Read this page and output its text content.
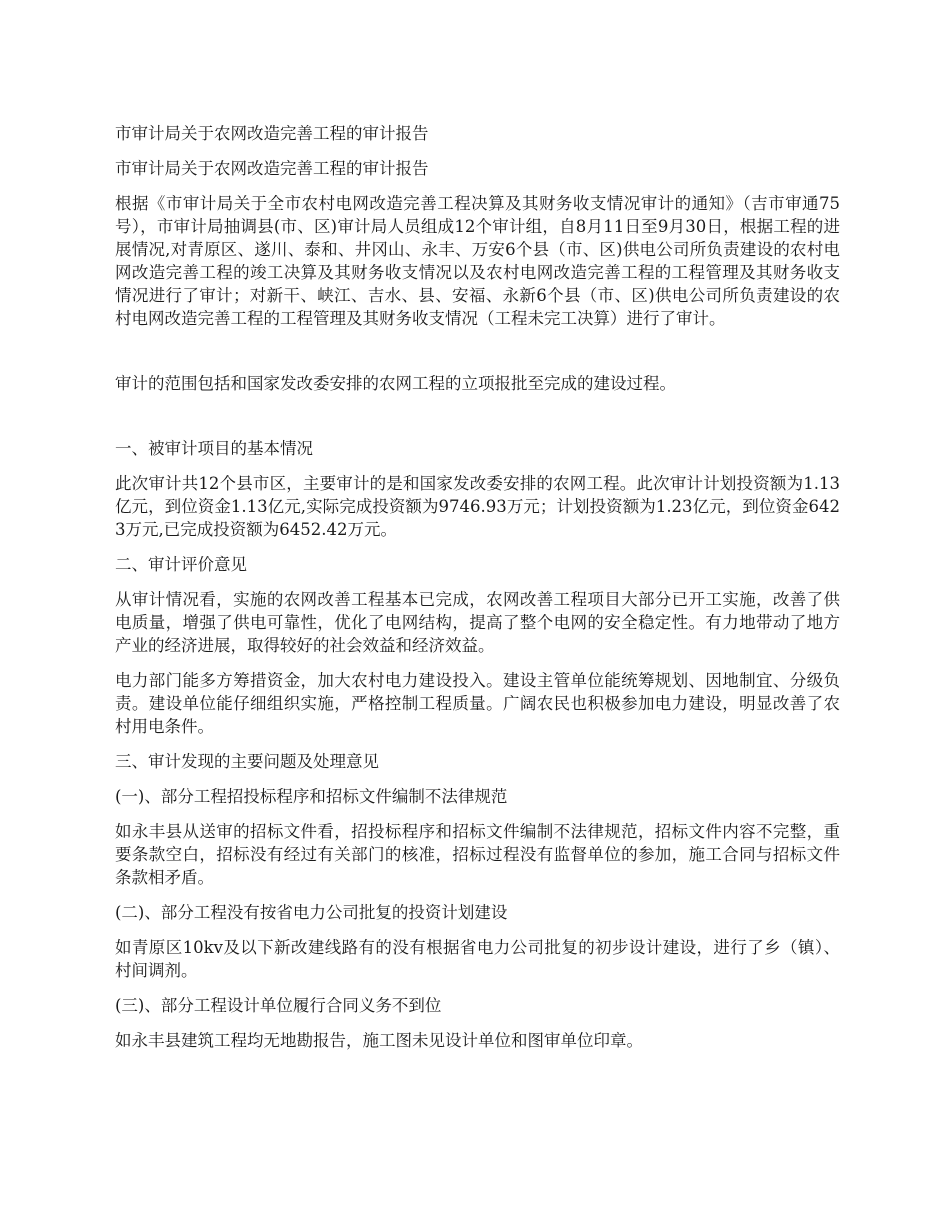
市审计局关于农网改造完善工程的审计报告

市审计局关于农网改造完善工程的审计报告

根据《市审计局关于全市农村电网改造完善工程决算及其财务收支情况审计的通知》（吉市审通75号），市审计局抽调县(市、区)审计局人员组成12个审计组，自8月11日至9月30日，根据工程的进展情况,对青原区、遂川、泰和、井冈山、永丰、万安6个县（市、区)供电公司所负责建设的农村电网改造完善工程的竣工决算及其财务收支情况以及农村电网改造完善工程的工程管理及其财务收支情况进行了审计；对新干、峡江、吉水、县、安福、永新6个县（市、区)供电公司所负责建设的农村电网改造完善工程的工程管理及其财务收支情况（工程未完工决算）进行了审计。

审计的范围包括和国家发改委安排的农网工程的立项报批至完成的建设过程。

一、被审计项目的基本情况

此次审计共12个县市区，主要审计的是和国家发改委安排的农网工程。此次审计计划投资额为1.13亿元，到位资金1.13亿元,实际完成投资额为9746.93万元；计划投资额为1.23亿元，到位资金6423万元,已完成投资额为6452.42万元。

二、审计评价意见

从审计情况看，实施的农网改善工程基本已完成，农网改善工程项目大部分已开工实施，改善了供电质量，增强了供电可靠性，优化了电网结构，提高了整个电网的安全稳定性。有力地带动了地方产业的经济进展，取得较好的社会效益和经济效益。

电力部门能多方筹措资金，加大农村电力建设投入。建设主管单位能统筹规划、因地制宜、分级负责。建设单位能仔细组织实施，严格控制工程质量。广阔农民也积极参加电力建设，明显改善了农村用电条件。

三、审计发现的主要问题及处理意见

(一)、部分工程招投标程序和招标文件编制不法律规范

如永丰县从送审的招标文件看，招投标程序和招标文件编制不法律规范，招标文件内容不完整，重要条款空白，招标没有经过有关部门的核准，招标过程没有监督单位的参加，施工合同与招标文件条款相矛盾。

(二)、部分工程没有按省电力公司批复的投资计划建设

如青原区10kv及以下新改建线路有的没有根据省电力公司批复的初步设计建设，进行了乡（镇）、村间调剂。

(三)、部分工程设计单位履行合同义务不到位

如永丰县建筑工程均无地勘报告，施工图未见设计单位和图审单位印章。
